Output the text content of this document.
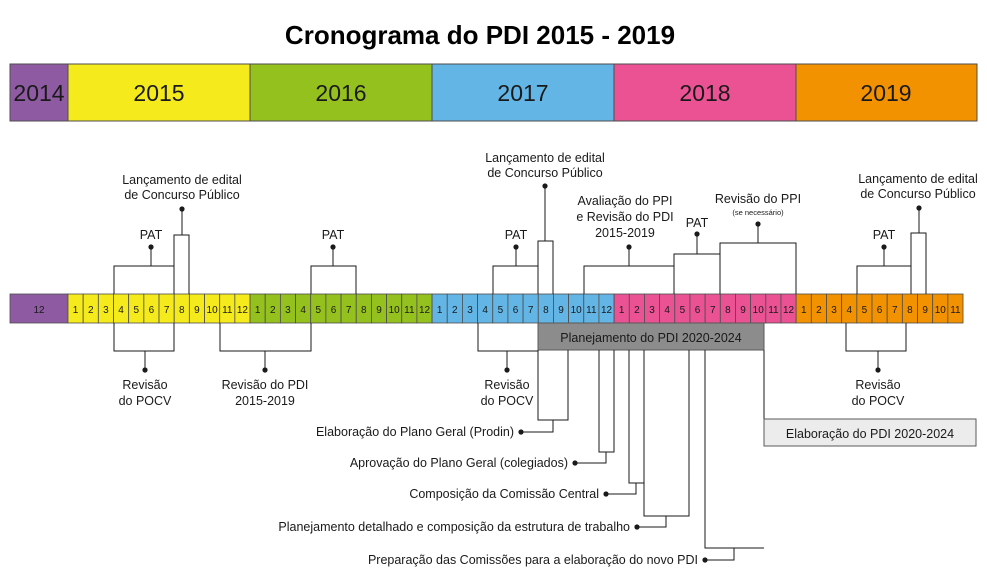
Cronograma do PDI 2015 - 2019
2014	2015	2016	2017	2018	2019
12	1 2 3 4 5 6 7 8 9 10 11 12 1 2 3 4 5 6 7 8 9 10 11 12 1 2 3 4 5 6 7 8 9 10 11 12 1 2 3 4 5 6 7 8 9 10 11 12 1 2 3 4 5 6 7 8 9 10 11
Lançamento de edital
de Concurso Público
PAT	PAT
Lançamento de edital
de Concurso Público
PAT
Avaliação do PPI
e Revisão do PDI
2015-2019
PAT
Revisão do PPI
(se necessário)
Lançamento de edital
de Concurso Público
PAT
Revisão
do POCV
Revisão do PDI
2015-2019
Revisão
do POCV
Revisão
do POCV
Planejamento do PDI 2020-2024
Elaboração do PDI 2020-2024
Elaboração do Plano Geral (Prodin)
Aprovação do Plano Geral (colegiados)
Composição da Comissão Central
Planejamento detalhado e composição da estrutura de trabalho
Preparação das Comissões para a elaboração do novo PDI
